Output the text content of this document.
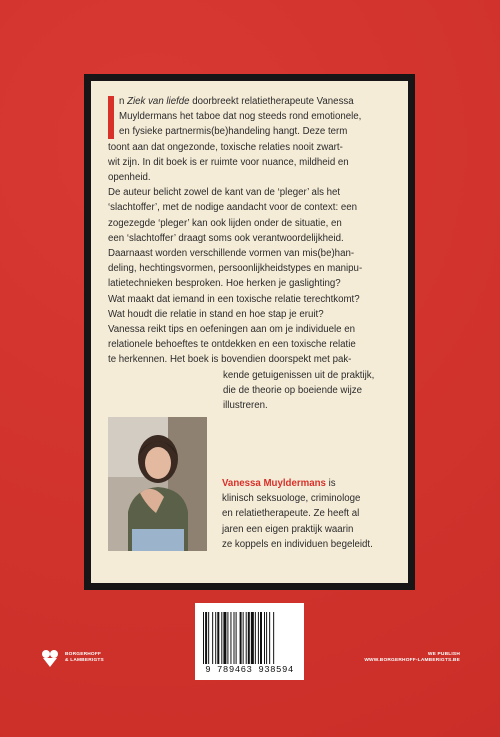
n Ziek van liefde doorbreekt relatietherapeute Vanessa
Muyldermans het taboe dat nog steeds rond emotionele,
en fysieke partnermis(be)handeling hangt. Deze term
toont aan dat ongezonde, toxische relaties nooit zwart-
wit zijn. In dit boek is er ruimte voor nuance, mildheid en
openheid.
De auteur belicht zowel de kant van de ‘pleger’ als het
‘slachtoffer’, met de nodige aandacht voor de context: een
zogezegde ‘pleger’ kan ook lijden onder de situatie, en
een ‘slachtoffer’ draagt soms ook verantwoordelijkheid.
Daarnaast worden verschillende vormen van mis(be)han-
deling, hechtingsvormen, persoonlijkheidstypes en manipu-
latietechnieken besproken. Hoe herken je gaslighting?
Wat maakt dat iemand in een toxische relatie terechtkomt?
Wat houdt die relatie in stand en hoe stap je eruit?
Vanessa reikt tips en oefeningen aan om je individuele en
relationele behoeftes te ontdekken en een toxische relatie
te herkennen. Het boek is bovendien doorspekt met pak-
kende getuigenissen uit de praktijk,
die de theorie op boeiende wijze
illustreren.
Vanessa Muyldermans is
klinisch seksuologe, criminologe
en relatietherapeute. Ze heeft al
jaren een eigen praktijk waarin
ze koppels en individuen begeleidt.
9 789463 938594
BORGERHOFF
& LAMBERIGTS
WE PUBLISH
WWW.BORGERHOFF-LAMBERIGTS.BE
